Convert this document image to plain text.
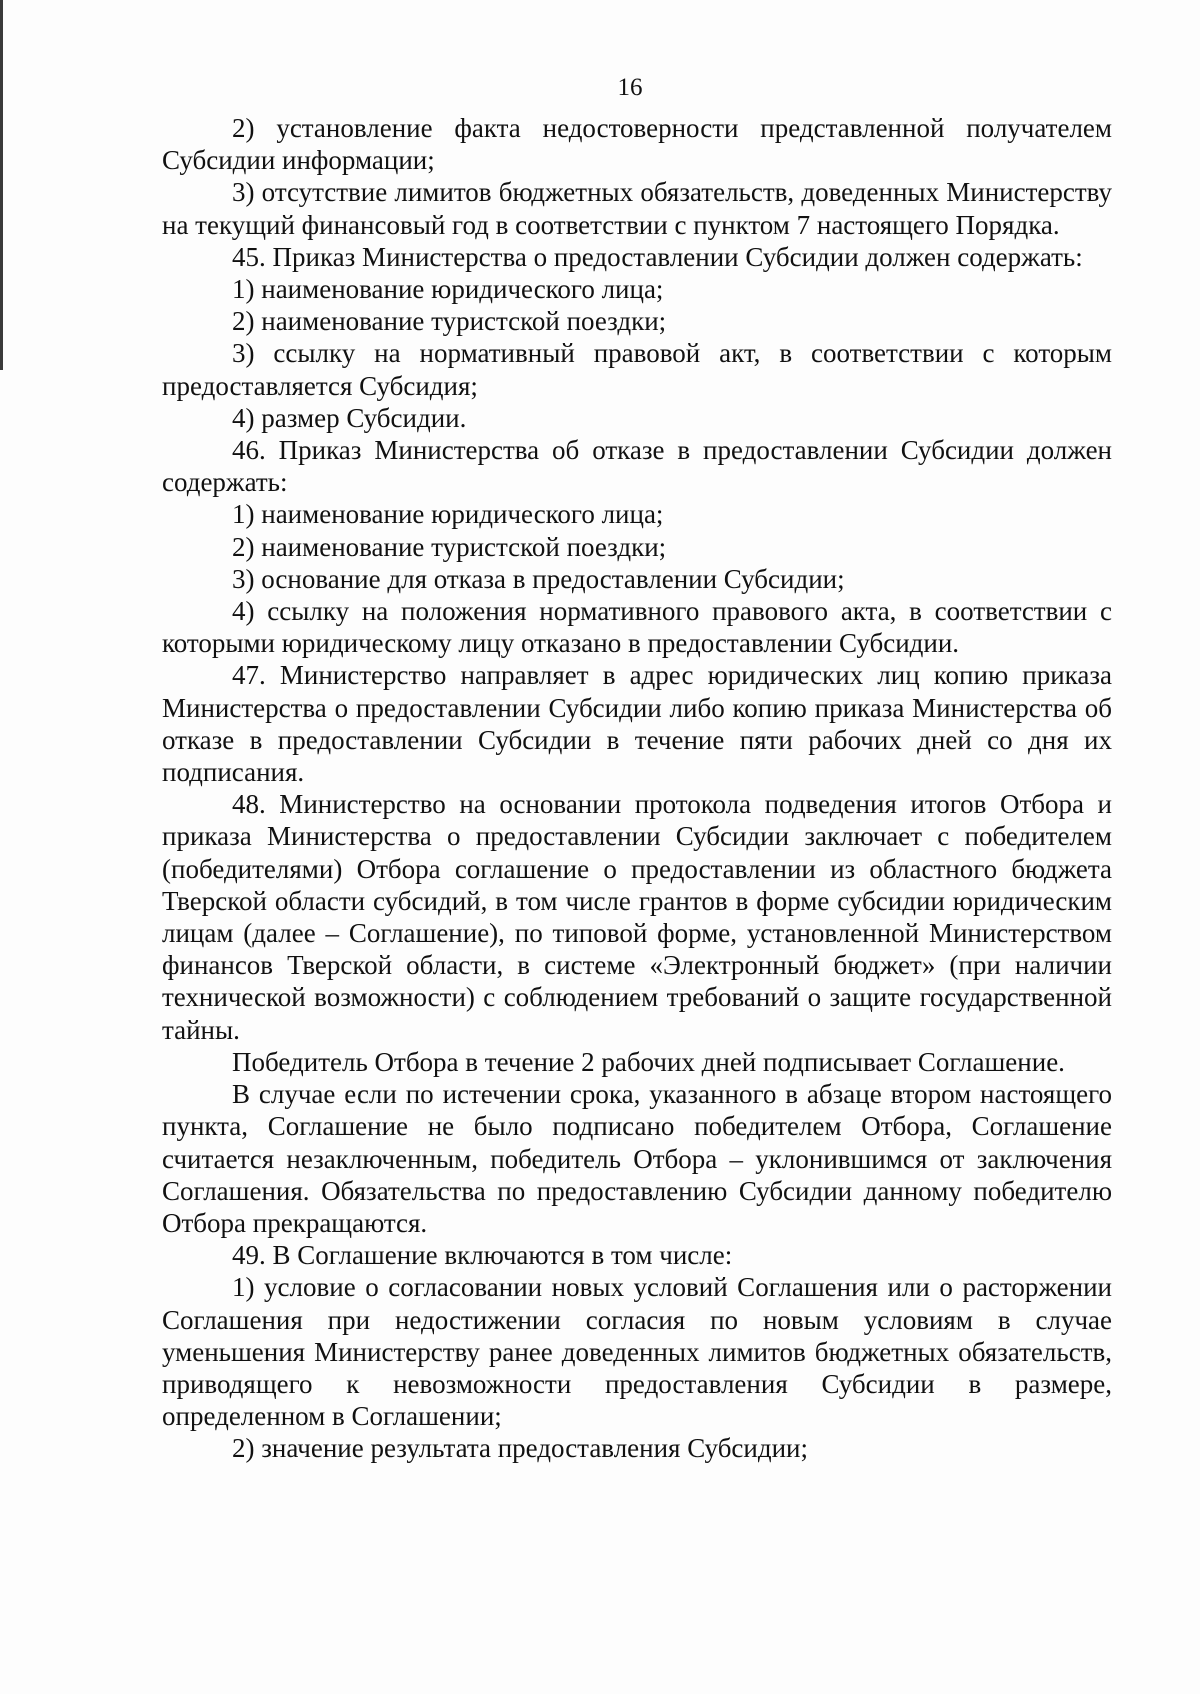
16

2) установление факта недостоверности представленной получателем Субсидии информации;

3) отсутствие лимитов бюджетных обязательств, доведенных Министерству на текущий финансовый год в соответствии с пунктом 7 настоящего Порядка.

45. Приказ Министерства о предоставлении Субсидии должен содержать:

1) наименование юридического лица;

2) наименование туристской поездки;

3) ссылку на нормативный правовой акт, в соответствии с которым предоставляется Субсидия;

4) размер Субсидии.

46. Приказ Министерства об отказе в предоставлении Субсидии должен содержать:

1) наименование юридического лица;

2) наименование туристской поездки;

3) основание для отказа в предоставлении Субсидии;

4) ссылку на положения нормативного правового акта, в соответствии с которыми юридическому лицу отказано в предоставлении Субсидии.

47. Министерство направляет в адрес юридических лиц копию приказа Министерства о предоставлении Субсидии либо копию приказа Министерства об отказе в предоставлении Субсидии в течение пяти рабочих дней со дня их подписания.

48. Министерство на основании протокола подведения итогов Отбора и приказа Министерства о предоставлении Субсидии заключает с победителем (победителями) Отбора соглашение о предоставлении из областного бюджета Тверской области субсидий, в том числе грантов в форме субсидии юридическим лицам (далее – Соглашение), по типовой форме, установленной Министерством финансов Тверской области, в системе «Электронный бюджет» (при наличии технической возможности) с соблюдением требований о защите государственной тайны.

Победитель Отбора в течение 2 рабочих дней подписывает Соглашение.

В случае если по истечении срока, указанного в абзаце втором настоящего пункта, Соглашение не было подписано победителем Отбора, Соглашение считается незаключенным, победитель Отбора – уклонившимся от заключения Соглашения. Обязательства по предоставлению Субсидии данному победителю Отбора прекращаются.

49. В Соглашение включаются в том числе:

1) условие о согласовании новых условий Соглашения или о расторжении Соглашения при недостижении согласия по новым условиям в случае уменьшения Министерству ранее доведенных лимитов бюджетных обязательств, приводящего к невозможности предоставления Субсидии в размере, определенном в Соглашении;

2) значение результата предоставления Субсидии;
